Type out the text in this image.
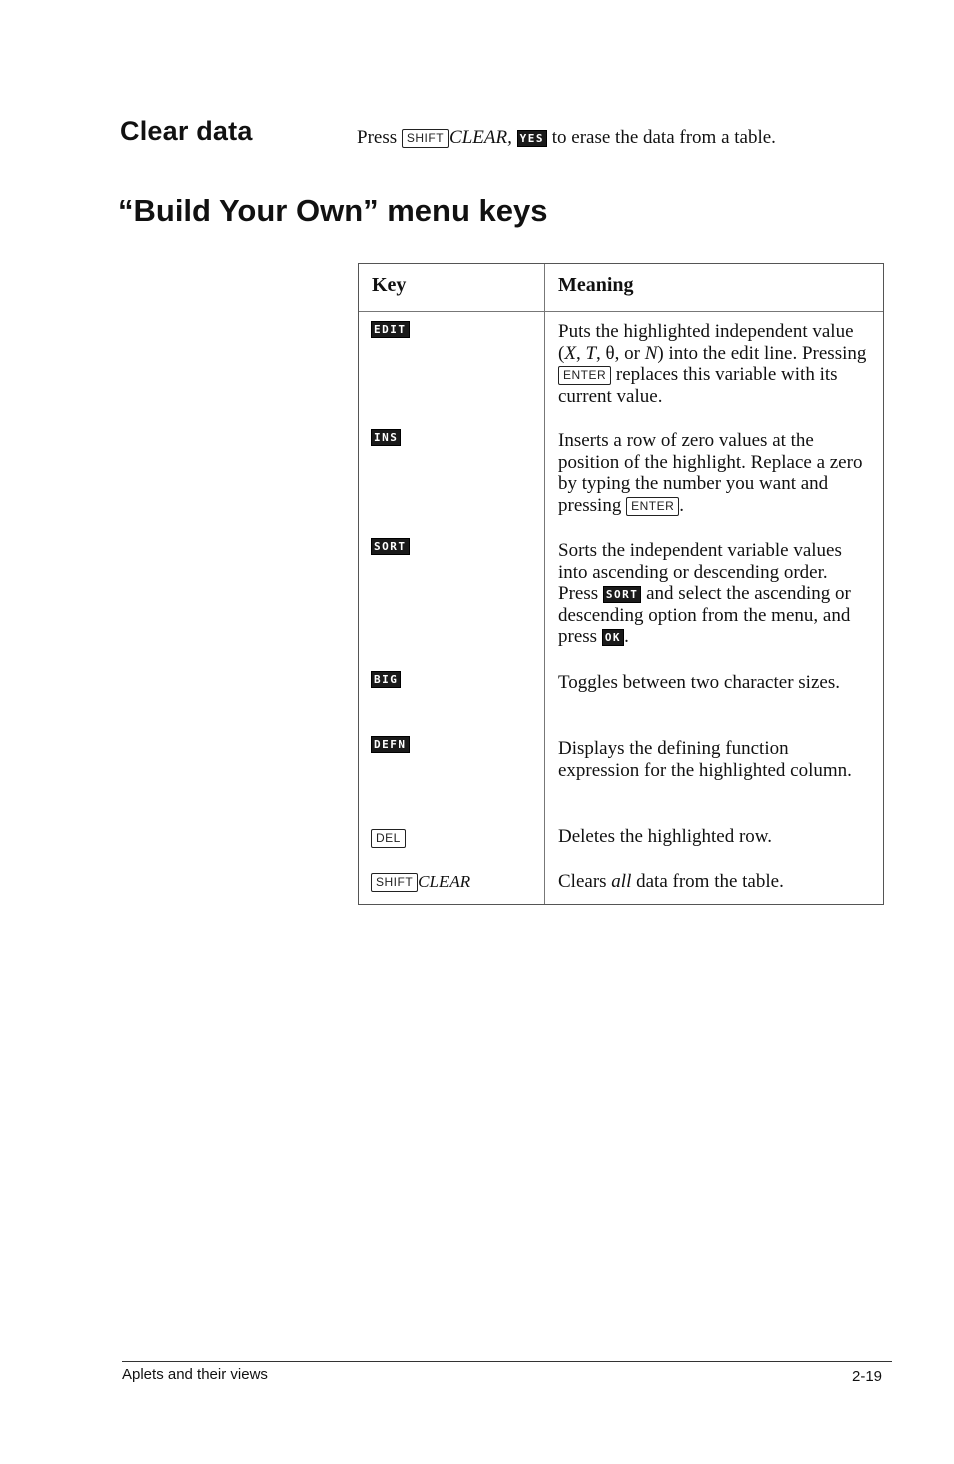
Clear data	Press SHIFT CLEAR, YES to erase the data from a table.
“Build Your Own” menu keys
Key	Meaning
EDIT	Puts the highlighted independent value (X, T, θ, or N) into the edit line. Pressing ENTER replaces this variable with its current value.
INS	Inserts a row of zero values at the position of the highlight. Replace a zero by typing the number you want and pressing ENTER .
SORT	Sorts the independent variable values into ascending or descending order. Press SORT and select the ascending or descending option from the menu, and press OK .
BIG	Toggles between two character sizes.
DEFN	Displays the defining function expression for the highlighted column.
DEL	Deletes the highlighted row.
SHIFT CLEAR	Clears all data from the table.
Aplets and their views	2-19
